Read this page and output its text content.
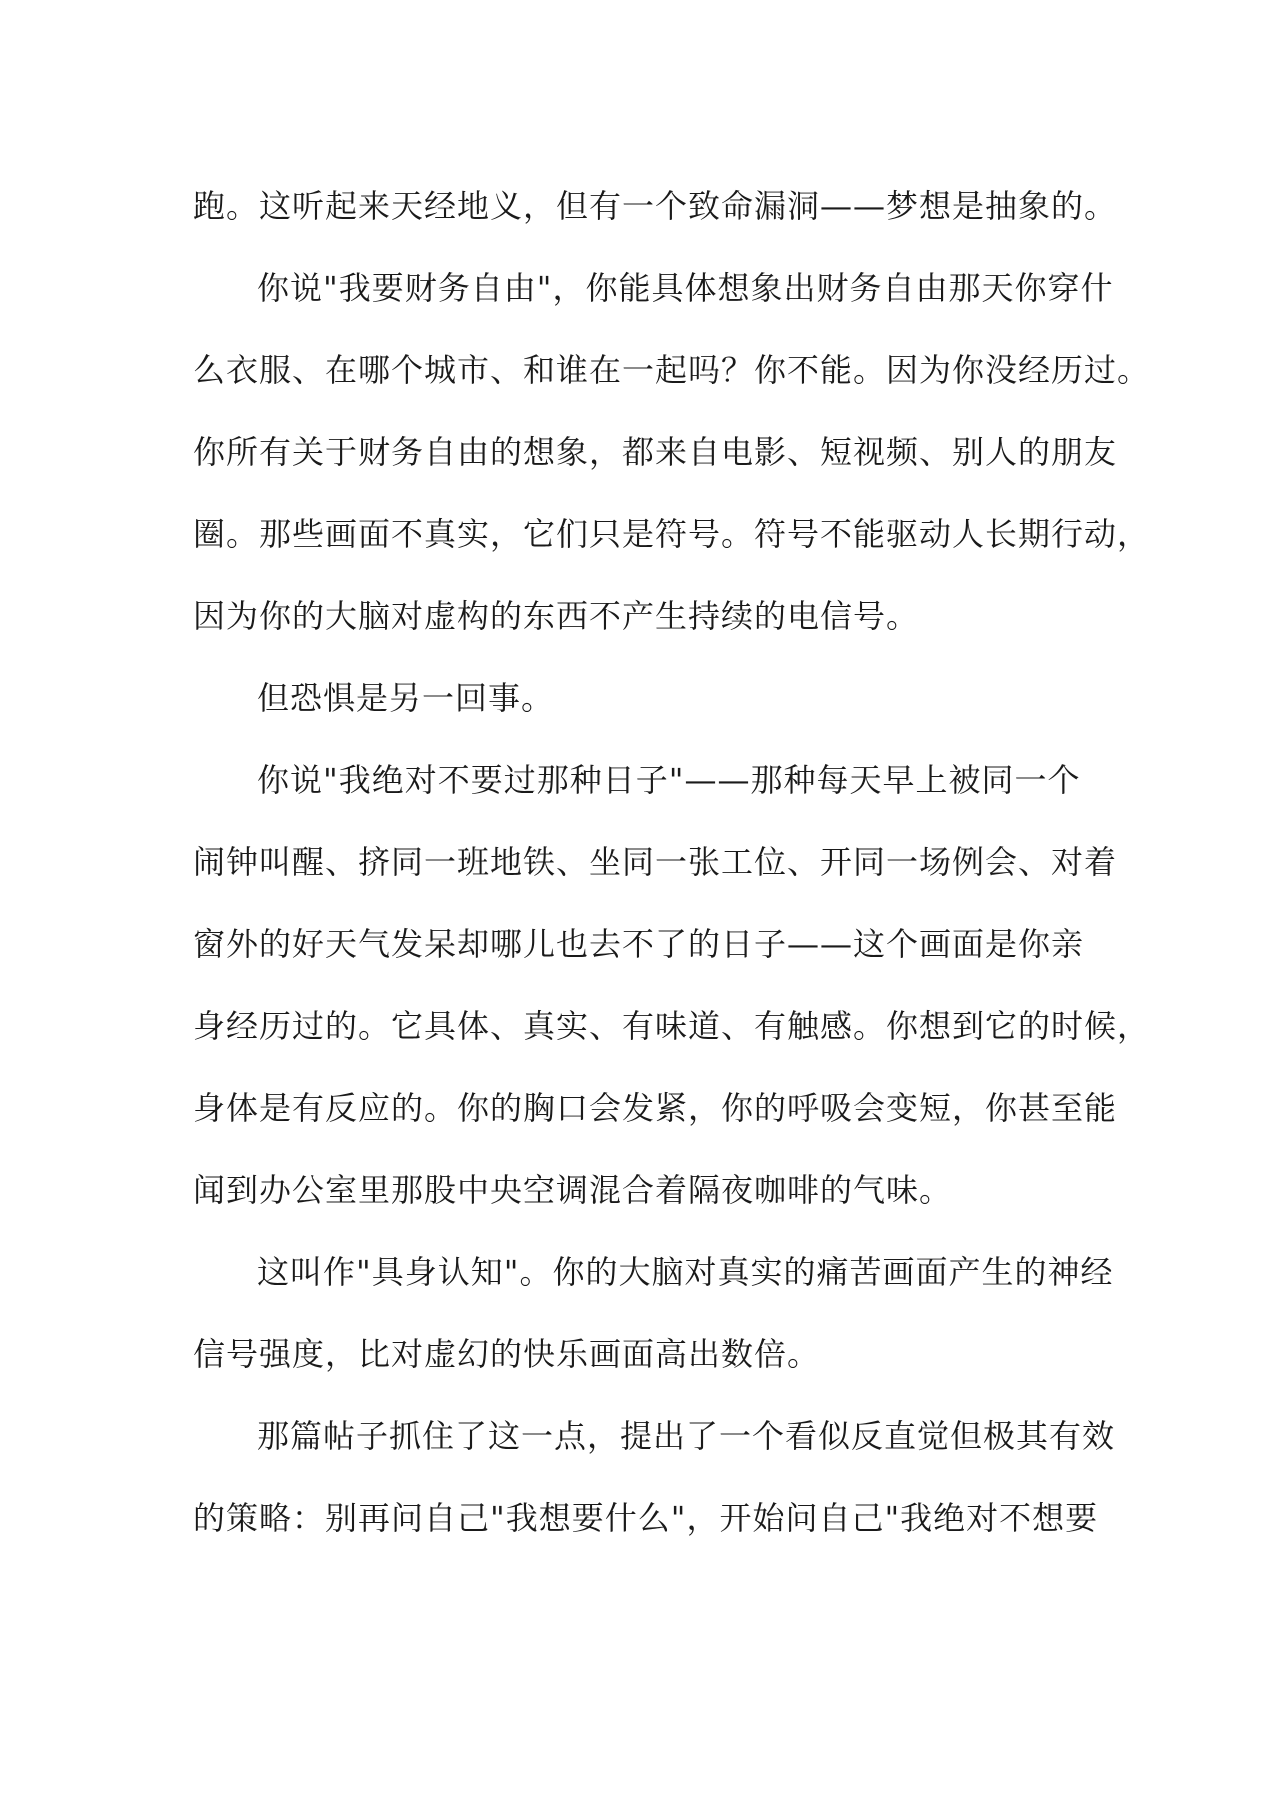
跑。这听起来天经地义，但有一个致命漏洞——梦想是抽象的。
你说"我要财务自由"，你能具体想象出财务自由那天你穿什
么衣服、在哪个城市、和谁在一起吗？你不能。因为你没经历过。
你所有关于财务自由的想象，都来自电影、短视频、别人的朋友
圈。那些画面不真实，它们只是符号。符号不能驱动人长期行动，
因为你的大脑对虚构的东西不产生持续的电信号。
但恐惧是另一回事。
你说"我绝对不要过那种日子"——那种每天早上被同一个
闹钟叫醒、挤同一班地铁、坐同一张工位、开同一场例会、对着
窗外的好天气发呆却哪儿也去不了的日子——这个画面是你亲
身经历过的。它具体、真实、有味道、有触感。你想到它的时候，
身体是有反应的。你的胸口会发紧，你的呼吸会变短，你甚至能
闻到办公室里那股中央空调混合着隔夜咖啡的气味。
这叫作"具身认知"。你的大脑对真实的痛苦画面产生的神经
信号强度，比对虚幻的快乐画面高出数倍。
那篇帖子抓住了这一点，提出了一个看似反直觉但极其有效
的策略：别再问自己"我想要什么"，开始问自己"我绝对不想要
